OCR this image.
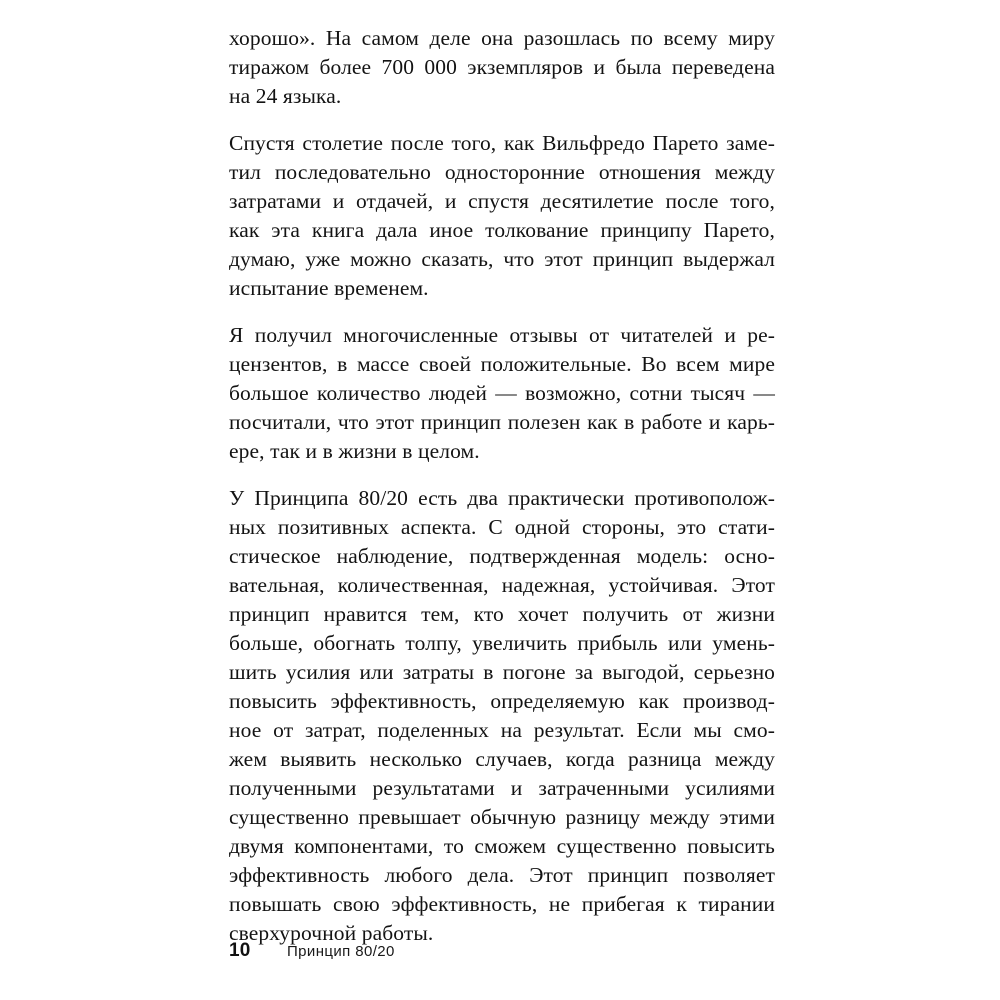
хорошо». На самом деле она разошлась по всему миру
тиражом более 700 000 экземпляров и была переведена
на 24 языка.

Спустя столетие после того, как Вильфредо Парето заме-
тил последовательно односторонние отношения между
затратами и отдачей, и спустя десятилетие после того,
как эта книга дала иное толкование принципу Парето,
думаю, уже можно сказать, что этот принцип выдержал
испытание временем.

Я получил многочисленные отзывы от читателей и ре-
цензентов, в массе своей положительные. Во всем мире
большое количество людей — возможно, сотни тысяч —
посчитали, что этот принцип полезен как в работе и карь-
ере, так и в жизни в целом.

У Принципа 80/20 есть два практически противополож-
ных позитивных аспекта. С одной стороны, это стати-
стическое наблюдение, подтвержденная модель: осно-
вательная, количественная, надежная, устойчивая. Этот
принцип нравится тем, кто хочет получить от жизни
больше, обогнать толпу, увеличить прибыль или умень-
шить усилия или затраты в погоне за выгодой, серьезно
повысить эффективность, определяемую как производ-
ное от затрат, поделенных на результат. Если мы смо-
жем выявить несколько случаев, когда разница между
полученными результатами и затраченными усилиями
существенно превышает обычную разницу между этими
двумя компонентами, то сможем существенно повысить
эффективность любого дела. Этот принцип позволяет
повышать свою эффективность, не прибегая к тирании
сверхурочной работы.

10	Принцип 80/20
